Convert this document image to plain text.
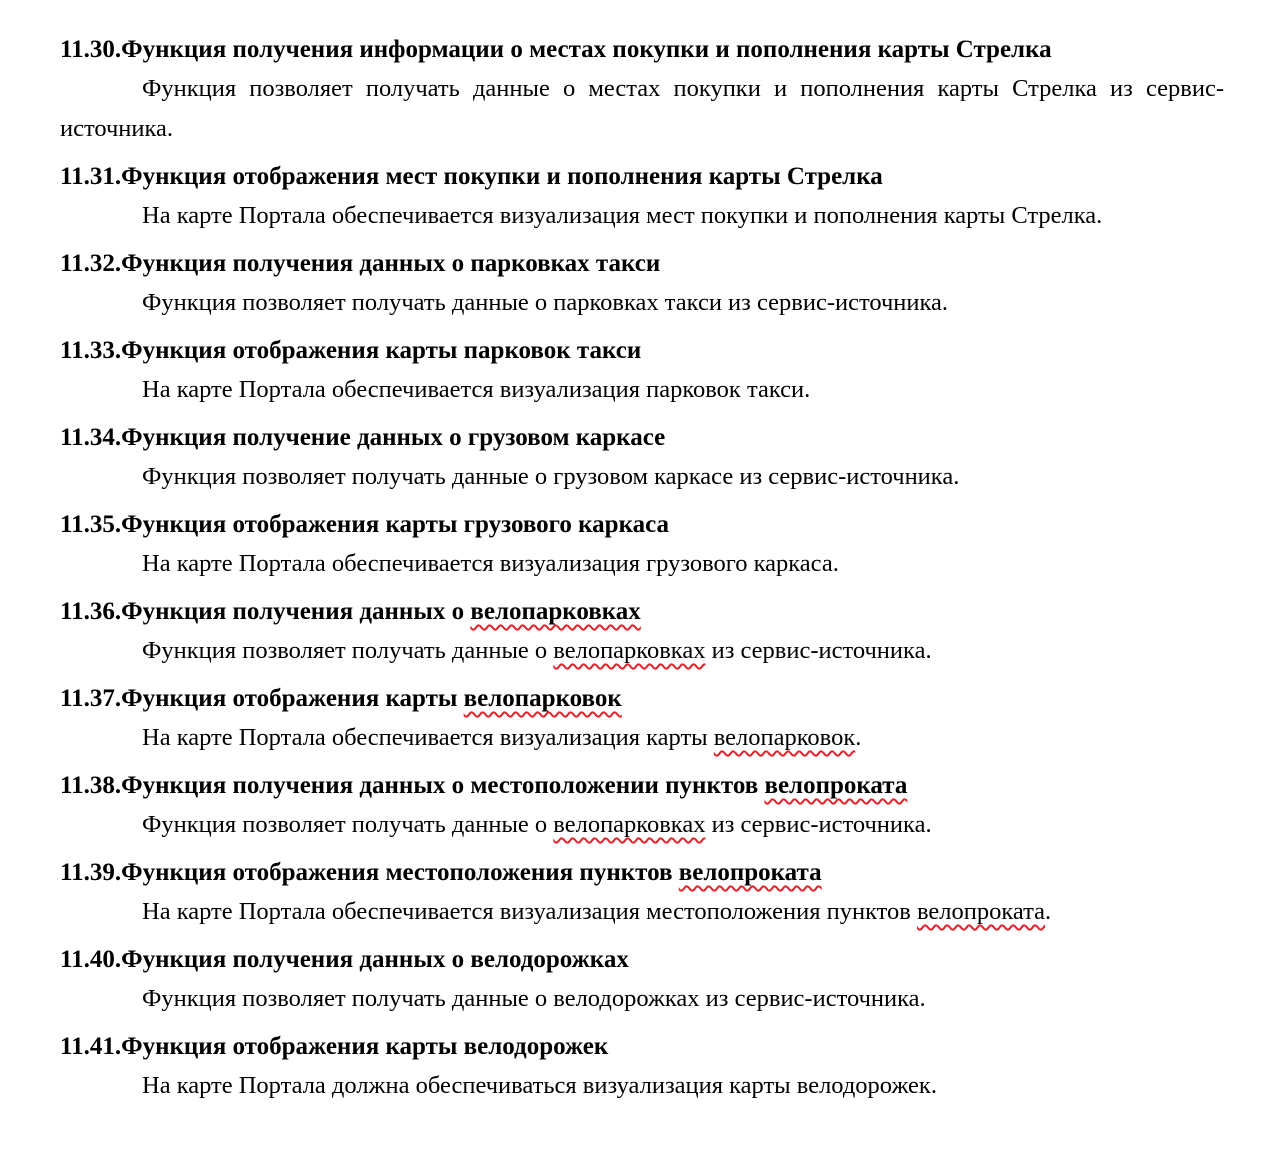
11.30.Функция получения информации о местах покупки и пополнения карты Стрелка
Функция позволяет получать данные о местах покупки и пополнения карты Стрелка из сервис-источника.
11.31.Функция отображения мест покупки и пополнения карты Стрелка
На карте Портала обеспечивается визуализация мест покупки и пополнения карты Стрелка.
11.32.Функция получения данных о парковках такси
Функция позволяет получать данные о парковках такси из сервис-источника.
11.33.Функция отображения карты парковок такси
На карте Портала обеспечивается визуализация парковок такси.
11.34.Функция получение данных о грузовом каркасе
Функция позволяет получать данные о грузовом каркасе из сервис-источника.
11.35.Функция отображения карты грузового каркаса
На карте Портала обеспечивается визуализация грузового каркаса.
11.36.Функция получения данных о велопарковках
Функция позволяет получать данные о велопарковках из сервис-источника.
11.37.Функция отображения карты велопарковок
На карте Портала обеспечивается визуализация карты велопарковок.
11.38.Функция получения данных о местоположении пунктов велопроката
Функция позволяет получать данные о велопарковках из сервис-источника.
11.39.Функция отображения местоположения пунктов велопроката
На карте Портала обеспечивается визуализация местоположения пунктов велопроката.
11.40.Функция получения данных о велодорожках
Функция позволяет получать данные о велодорожках из сервис-источника.
11.41.Функция отображения карты велодорожек
На карте Портала должна обеспечиваться визуализация карты велодорожек.
